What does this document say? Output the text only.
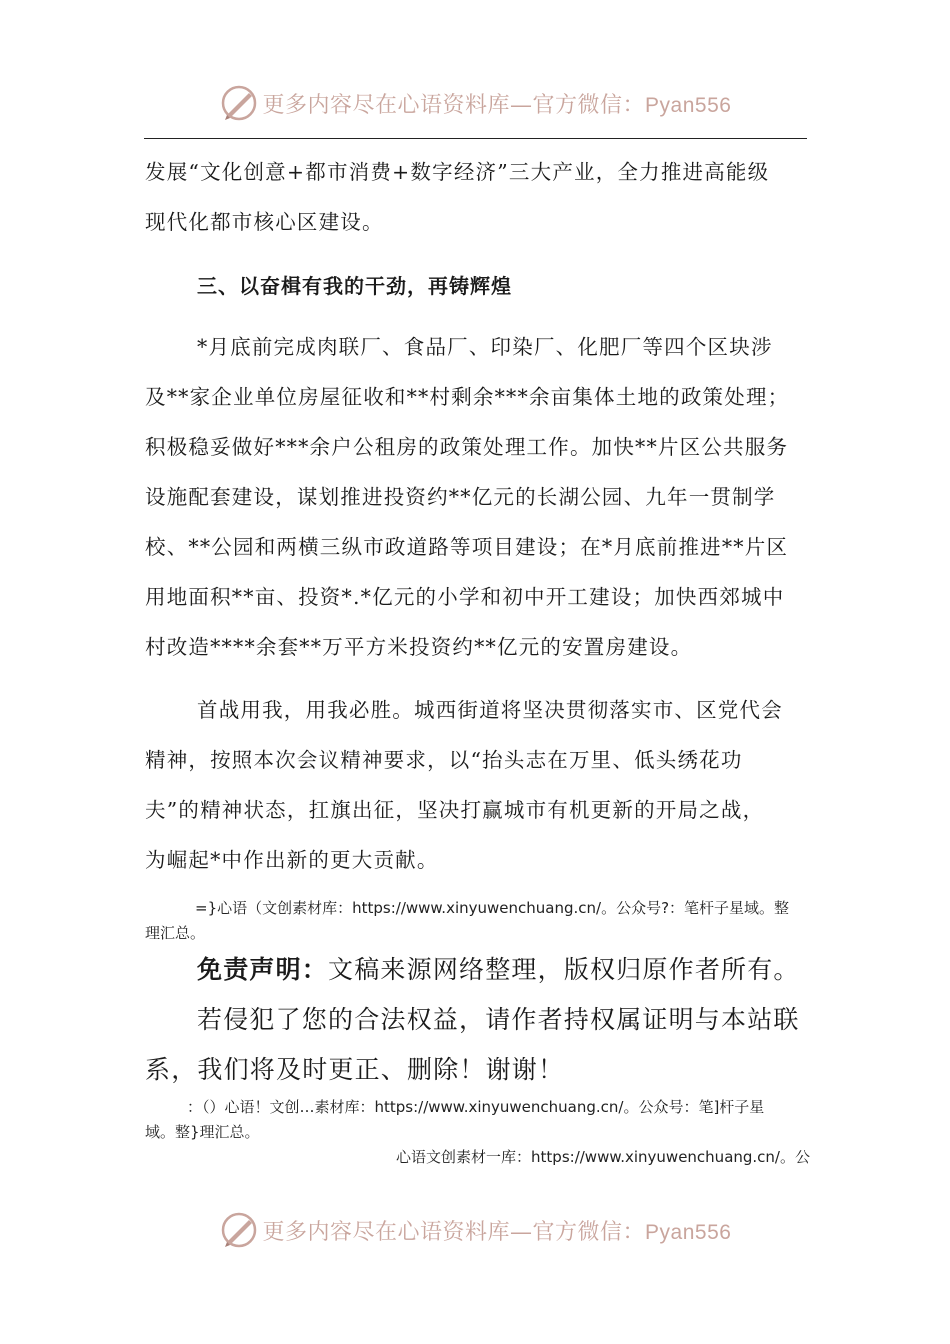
更多内容尽在心语资料库—官方微信：Pyan556

发展“文化创意+都市消费+数字经济”三大产业，全力推进高能级
现代化都市核心区建设。

三、以奋楫有我的干劲，再铸辉煌

*月底前完成肉联厂、食品厂、印染厂、化肥厂等四个区块涉
及**家企业单位房屋征收和**村剩余***余亩集体土地的政策处理；
积极稳妥做好***余户公租房的政策处理工作。加快**片区公共服务
设施配套建设，谋划推进投资约**亿元的长湖公园、九年一贯制学
校、**公园和两横三纵市政道路等项目建设；在*月底前推进**片区
用地面积**亩、投资*.*亿元的小学和初中开工建设；加快西郊城中
村改造****余套**万平方米投资约**亿元的安置房建设。

首战用我，用我必胜。城西街道将坚决贯彻落实市、区党代会
精神，按照本次会议精神要求，以“抬头志在万里、低头绣花功
夫”的精神状态，扛旗出征，坚决打赢城市有机更新的开局之战，
为崛起*中作出新的更大贡献。

=}心语（文创素材库：https://www.xinyuwenchuang.cn/。公众号?：笔杆子星域。整
理汇总。

免责声明：文稿来源网络整理，版权归原作者所有。
若侵犯了您的合法权益，请作者持权属证明与本站联
系，我们将及时更正、删除！谢谢！

：（）心语！文创…素材库：https://www.xinyuwenchuang.cn/。公众号：笔]杆子星
域。整}理汇总。

心语文创素材一库：https://www.xinyuwenchuang.cn/。公

更多内容尽在心语资料库—官方微信：Pyan556
